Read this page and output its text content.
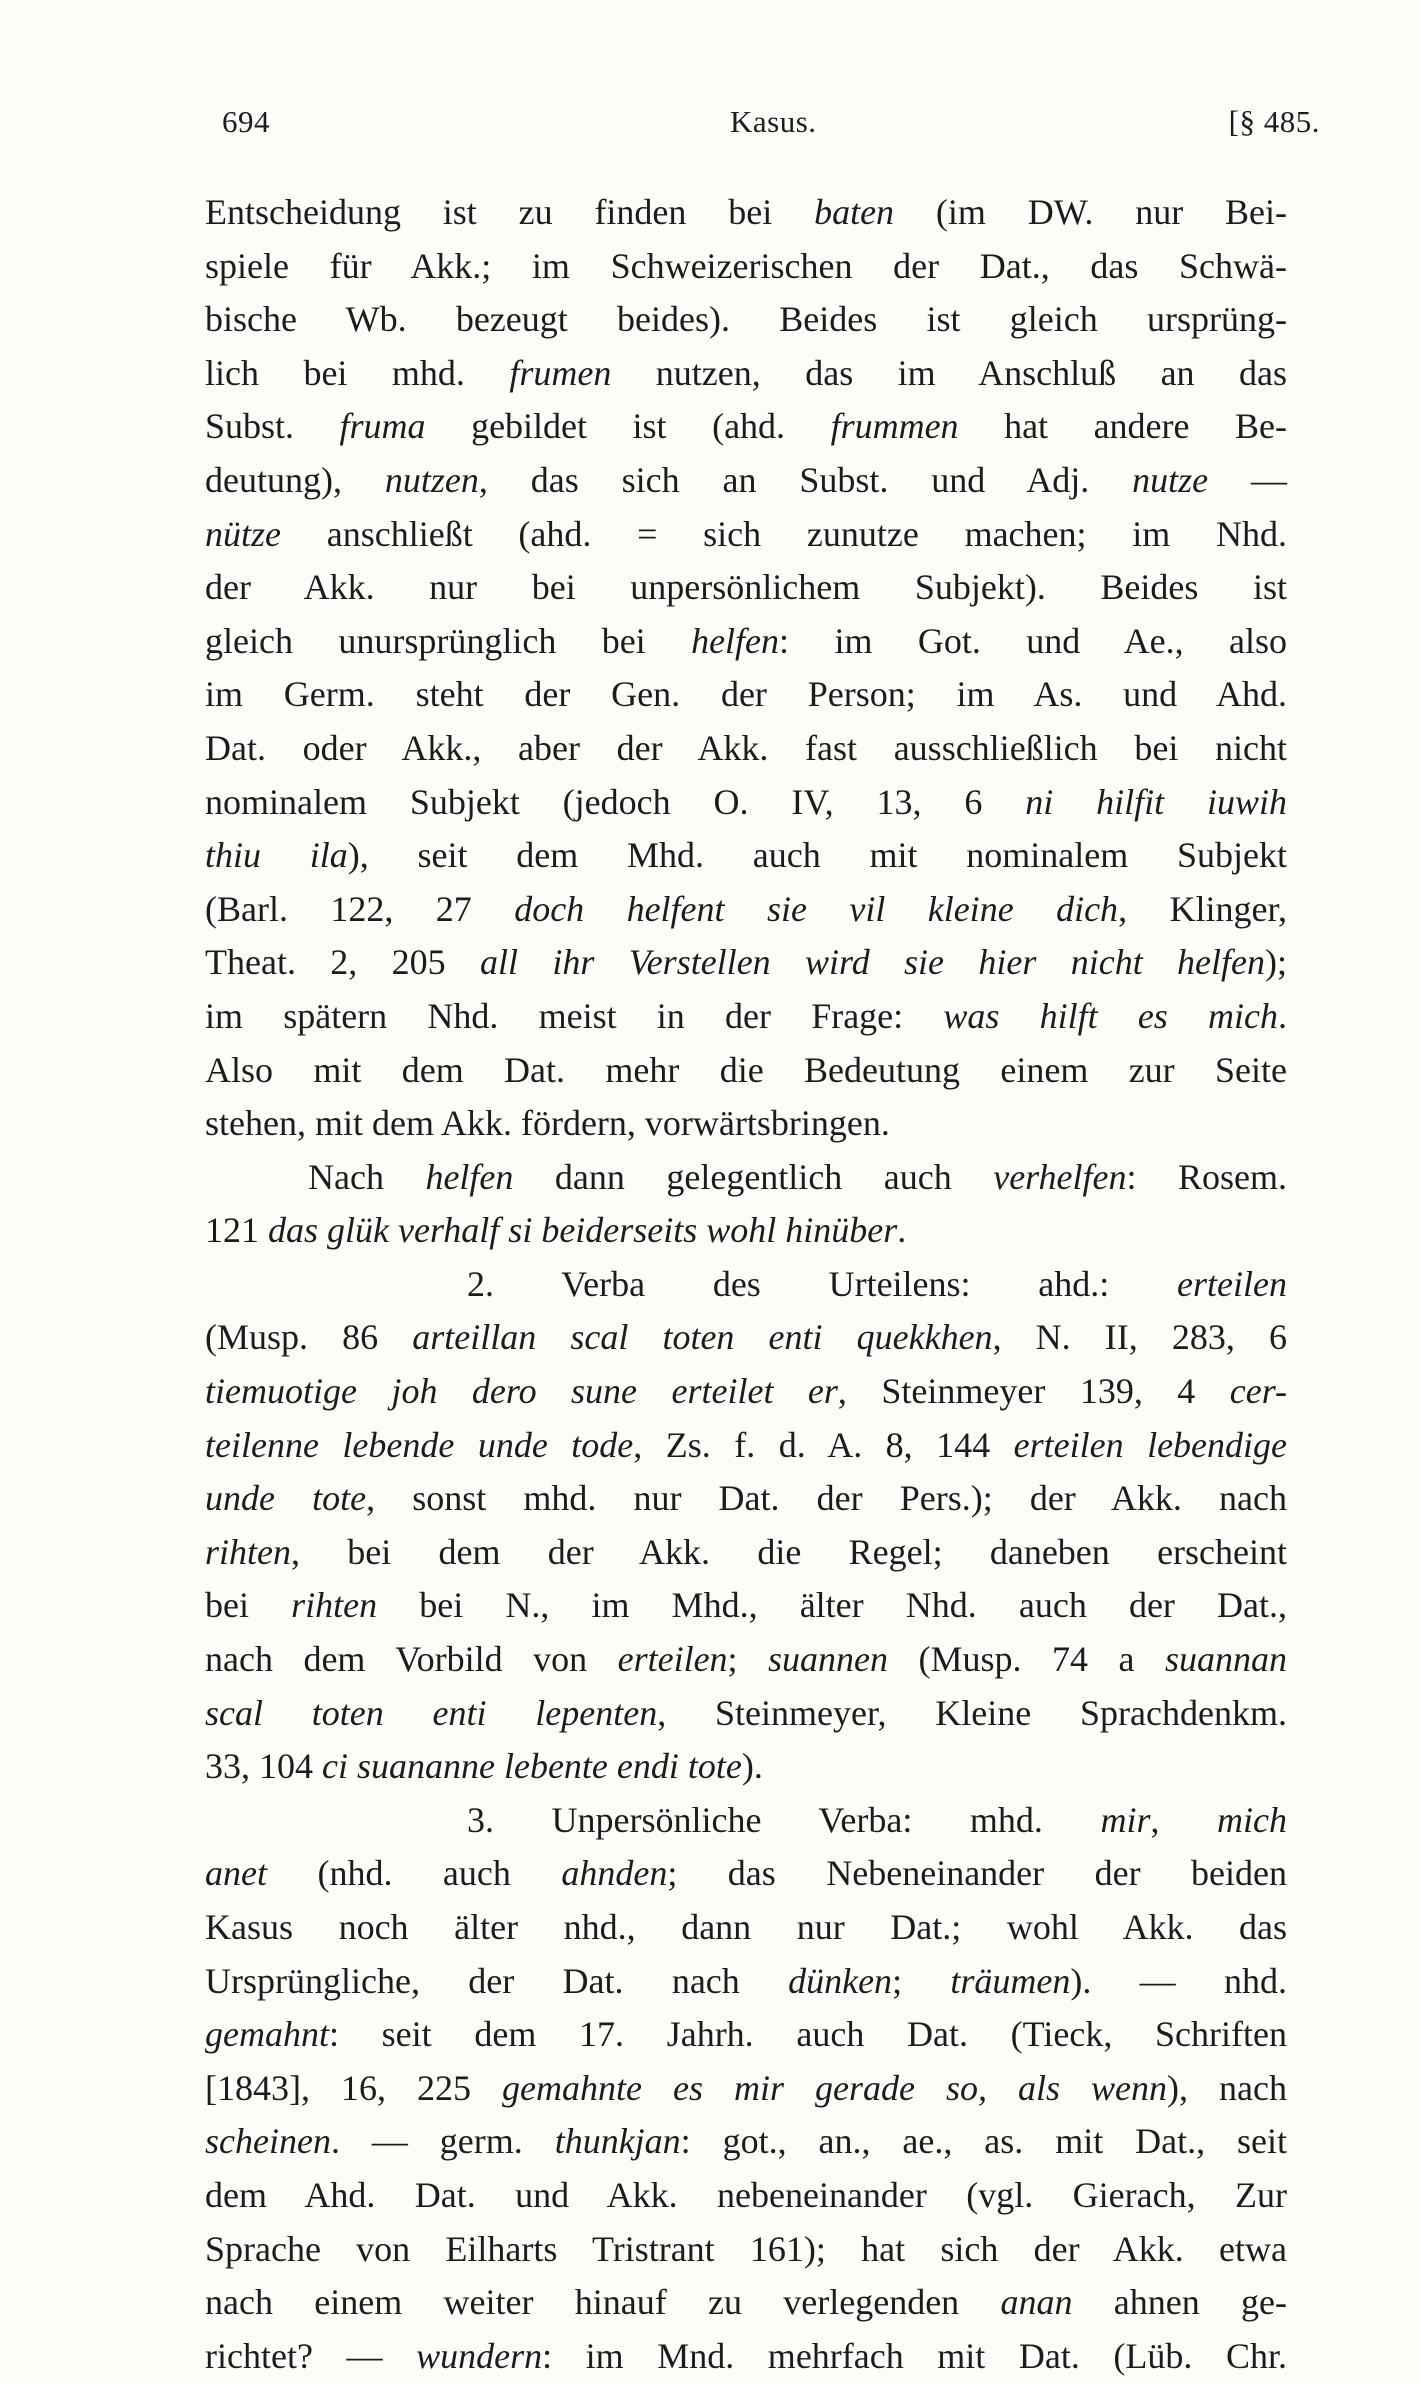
694	Kasus.	[§ 485.
Entscheidung ist zu finden bei baten (im DW. nur Bei-
spiele für Akk.; im Schweizerischen der Dat., das Schwä-
bische Wb. bezeugt beides). Beides ist gleich ursprüng-
lich bei mhd. frumen nutzen, das im Anschluß an das
Subst. fruma gebildet ist (ahd. frummen hat andere Be-
deutung), nutzen, das sich an Subst. und Adj. nutze —
nütze anschließt (ahd. = sich zunutze machen; im Nhd.
der Akk. nur bei unpersönlichem Subjekt). Beides ist
gleich unursprünglich bei helfen: im Got. und Ae., also
im Germ. steht der Gen. der Person; im As. und Ahd.
Dat. oder Akk., aber der Akk. fast ausschließlich bei nicht
nominalem Subjekt (jedoch O. IV, 13, 6 ni hilfit iuwih
thiu ila), seit dem Mhd. auch mit nominalem Subjekt
(Barl. 122, 27 doch helfent sie vil kleine dich, Klinger,
Theat. 2, 205 all ihr Verstellen wird sie hier nicht helfen);
im spätern Nhd. meist in der Frage: was hilft es mich.
Also mit dem Dat. mehr die Bedeutung einem zur Seite
stehen, mit dem Akk. fördern, vorwärtsbringen.
Nach helfen dann gelegentlich auch verhelfen: Rosem.
121 das glük verhalf si beiderseits wohl hinüber.
2. Verba des Urteilens: ahd.: erteilen
(Musp. 86 arteillan scal toten enti quekkhen, N. II, 283, 6
tiemuotige joh dero sune erteilet er, Steinmeyer 139, 4 cer-
teilenne lebende unde tode, Zs. f. d. A. 8, 144 erteilen lebendige
unde tote, sonst mhd. nur Dat. der Pers.); der Akk. nach
rihten, bei dem der Akk. die Regel; daneben erscheint
bei rihten bei N., im Mhd., älter Nhd. auch der Dat.,
nach dem Vorbild von erteilen; suannen (Musp. 74 a suannan
scal toten enti lepenten, Steinmeyer, Kleine Sprachdenkm.
33, 104 ci suananne lebente endi tote).
3. Unpersönliche Verba: mhd. mir, mich
anet (nhd. auch ahnden; das Nebeneinander der beiden
Kasus noch älter nhd., dann nur Dat.; wohl Akk. das
Ursprüngliche, der Dat. nach dünken; träumen). — nhd.
gemahnt: seit dem 17. Jahrh. auch Dat. (Tieck, Schriften
[1843], 16, 225 gemahnte es mir gerade so, als wenn), nach
scheinen. — germ. thunkjan: got., an., ae., as. mit Dat., seit
dem Ahd. Dat. und Akk. nebeneinander (vgl. Gierach, Zur
Sprache von Eilharts Tristrant 161); hat sich der Akk. etwa
nach einem weiter hinauf zu verlegenden anan ahnen ge-
richtet? — wundern: im Mnd. mehrfach mit Dat. (Lüb. Chr.
